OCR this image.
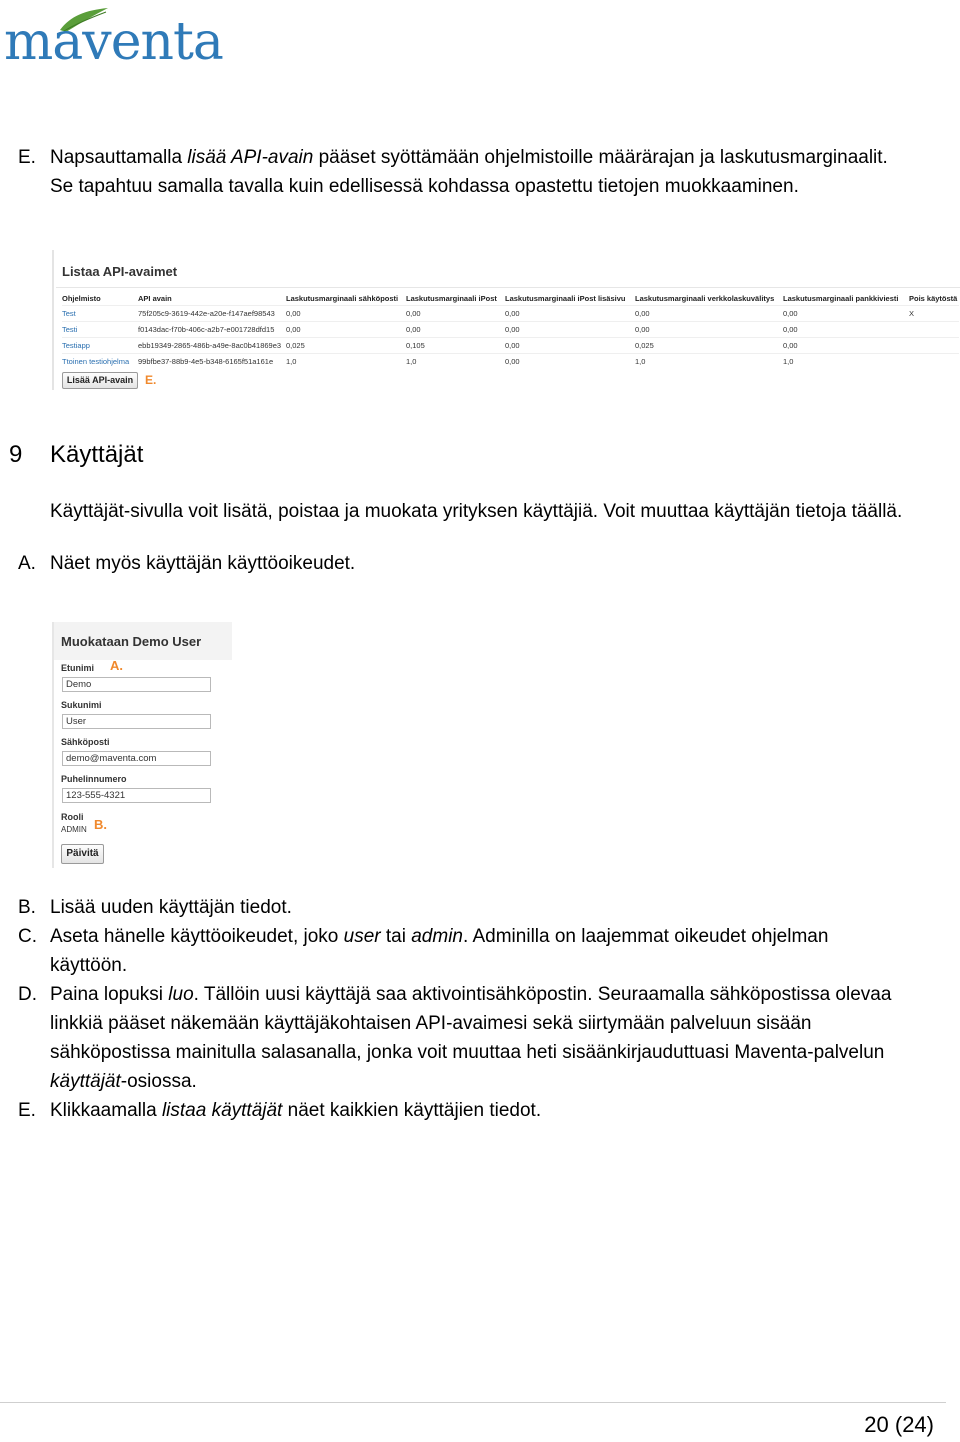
maventa
E. Napsauttamalla lisää API-avain pääset syöttämään ohjelmistoille määrärajan ja laskutusmarginaalit. Se tapahtuu samalla tavalla kuin edellisessä kohdassa opastettu tietojen muokkaaminen.
Listaa API-avaimet
Ohjelmisto	API avain	Laskutusmarginaali sähköposti	Laskutusmarginaali iPost	Laskutusmarginaali iPost lisäsivu	Laskutusmarginaali verkkolaskuvälitys	Laskutusmarginaali pankkiviesti	Pois käytöstä
Test	75f205c9-3619-442e-a20e-f147aef98543	0,00	0,00	0,00	0,00	0,00	X
Testi	f0143dac-f70b-406c-a2b7-e001728dfd15	0,00	0,00	0,00	0,00	0,00	
Testiapp	ebb19349-2865-486b-a49e-8ac0b41869e3	0,025	0,105	0,00	0,025	0,00	
Ttoinen testiohjelma	99bfbe37-88b9-4e5-b348-6165f51a161e	1,0	1,0	0,00	1,0	1,0	
Lisää API-avain E.
9 Käyttäjät
Käyttäjät-sivulla voit lisätä, poistaa ja muokata yrityksen käyttäjiä. Voit muuttaa käyttäjän tietoja täällä.
A. Näet myös käyttäjän käyttöoikeudet.
Muokataan Demo User
A.
Etunimi
Demo
Sukunimi
User
Sähköposti
demo@maventa.com
Puhelinnumero
123-555-4321
Rooli
ADMIN B.
Päivitä
B. Lisää uuden käyttäjän tiedot.
C. Aseta hänelle käyttöoikeudet, joko user tai admin. Adminilla on laajemmat oikeudet ohjelman käyttöön.
D. Paina lopuksi luo. Tällöin uusi käyttäjä saa aktivointisähköpostin. Seuraamalla sähköpostissa olevaa linkkiä pääset näkemään käyttäjäkohtaisen API-avaimesi sekä siirtymään palveluun sisään sähköpostissa mainitulla salasanalla, jonka voit muuttaa heti sisäänkirjauduttuasi Maventa-palvelun käyttäjät-osiossa.
E. Klikkaamalla listaa käyttäjät näet kaikkien käyttäjien tiedot.
20 (24)
